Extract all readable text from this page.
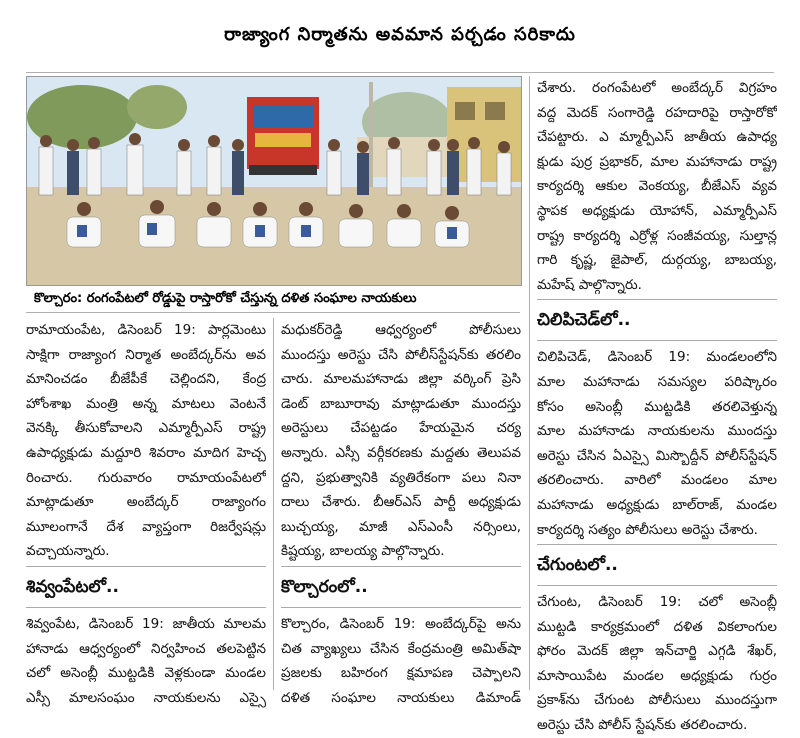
రాజ్యాంగ నిర్మాతను అవమాన పర్చడం సరికాదు
కొల్చారం: రంగంపేటలో రోడ్డుపై రాస్తారోకో చేస్తున్న దళిత సంఘాల నాయకులు

రామాయంపేట, డిసెంబర్ 19: పార్లమెంటు
సాక్షిగా రాజ్యాంగ నిర్మాత అంబేద్కర్‌ను అవ
మానించడం బీజేపీకే చెల్లిందని, కేంద్ర
హోంశాఖ మంత్రి అన్న మాటలు వెంటనే
వెనక్కి తీసుకోవాలని ఎమ్మార్పీఎస్ రాష్ట్ర
ఉపాధ్యక్షుడు మద్దూరి శివరాం మాదిగ హెచ్చ
రించారు. గురువారం రామాయంపేటలో
మాట్లాడుతూ అంబేద్కర్ రాజ్యాంగం
మూలంగానే దేశ వ్యాప్తంగా రిజర్వేషన్లు
వచ్చాయన్నారు.

శివ్వంపేటలో..

శివ్వంపేట, డిసెంబర్ 19: జాతీయ మాలమ
హానాడు ఆధ్వర్యంలో నిర్వహించ తలపెట్టిన
చలో అసెంబ్లీ ముట్టడికి వెళ్లకుండా మండల
ఎస్సీ మాలసంఘం నాయకులను ఎస్సై

మధుకర్‌రెడ్డి ఆధ్వర్యంలో పోలీసులు
ముందస్తు అరెస్టు చేసి పోలీస్‌స్టేషన్‌కు తరలిం
చారు. మాలమహానాడు జిల్లా వర్కింగ్ ప్రెసి
డెంట్ బాబూరావు మాట్లాడుతూ ముందస్తు
అరెస్టులు చేపట్టడం హేయమైన చర్య
అన్నారు. ఎస్సీ వర్గీకరణకు మద్దతు తెలుపవ
ద్దని, ప్రభుత్వానికి వ్యతిరేకంగా పలు నినా
దాలు చేశారు. బీఆర్ఎస్ పార్టీ అధ్యక్షుడు
బుచ్చయ్య, మాజీ ఎస్ఎంసీ నర్సింలు,
కిష్టయ్య, బాలయ్య పాల్గొన్నారు.

కొల్చారంలో..

కొల్చారం, డిసెంబర్ 19: అంబేద్కర్‌పై అను
చిత వ్యాఖ్యలు చేసిన కేంద్రమంత్రి అమిత్‌షా
ప్రజలకు బహిరంగ క్షమాపణ చెప్పాలని
దళిత సంఘాల నాయకులు డిమాండ్

చేశారు. రంగంపేటలో అంబేద్కర్ విగ్రహం
వద్ద మెదక్ సంగారెడ్డి రహదారిపై రాస్తారోకో
చేపట్టారు. ఎ మ్మార్పీఎస్ జాతీయ ఉపాధ్య
క్షుడు పుర్ర ప్రభాకర్, మాల మహానాడు రాష్ట్ర
కార్యదర్శి ఆకుల వెంకయ్య, బీజేఎస్ వ్యవ
స్థాపక అధ్యక్షుడు యోహాన్, ఎమ్మార్పీఎస్
రాష్ట్ర కార్యదర్శి ఎర్రోళ్ల సంజీవయ్య, సుల్తాన్ల
గారి కృష్ణ, జైపాల్, దుర్గయ్య, బాబయ్య,
మహేష్ పాల్గొన్నారు.

చిలిపిచెడ్‌లో..

చిలిపిచెడ్, డిసెంబర్ 19: మండలంలోని
మాల మహానాడు సమస్యల పరిష్కారం
కోసం అసెంబ్లీ ముట్టడికి తరలివెళ్తున్న
మాల మహానాడు నాయకులను ముందస్తు
అరెస్టు చేసిన ఏఎస్సై మిస్బొద్దీన్ పోలీస్‌స్టేషన్
తరలించారు. వారిలో మండలం మాల
మహానాడు అధ్యక్షుడు బాల్‌రాజ్, మండల
కార్యదర్శి సత్యం పోలీసులు అరెస్టు చేశారు.

చేగుంటలో..

చేగుంట, డిసెంబర్ 19: చలో అసెంబ్లీ
ముట్టడి కార్యక్రమంలో దళిత వికలాంగుల
ఫోరం మెదక్ జిల్లా ఇన్‌చార్జి ఎగ్గడి శేఖర్,
మాసాయిపేట మండల అధ్యక్షుడు గుర్రం
ప్రకాశ్‌ను చేగుంట పోలీసులు ముందస్తుగా
అరెస్టు చేసి పోలీస్ స్టేషన్‌కు తరలించారు.
